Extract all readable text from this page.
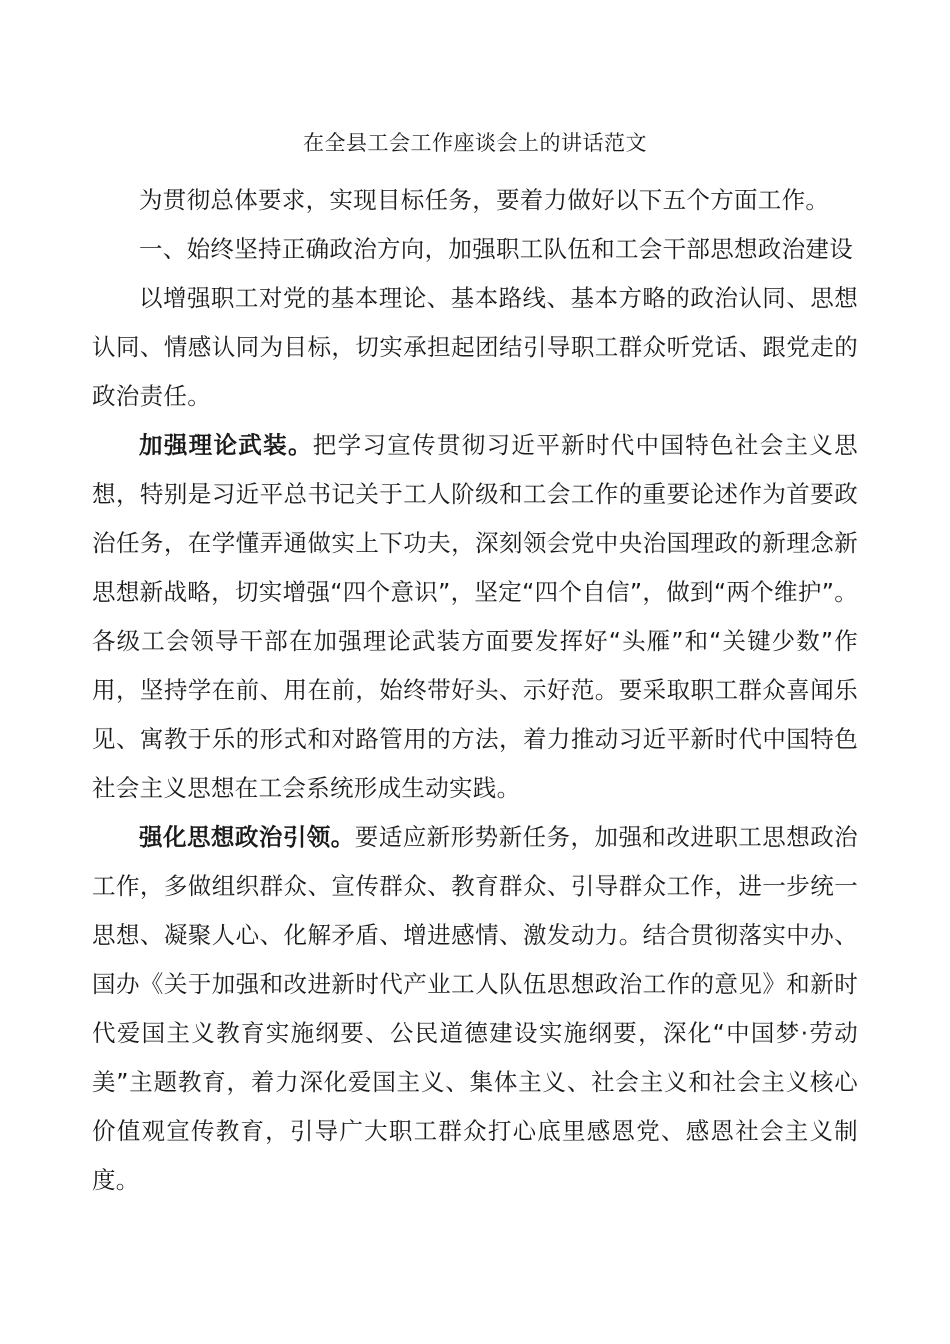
在全县工会工作座谈会上的讲话范文

为贯彻总体要求，实现目标任务，要着力做好以下五个方面工作。

一、始终坚持正确政治方向，加强职工队伍和工会干部思想政治建设

以增强职工对党的基本理论、基本路线、基本方略的政治认同、思想认同、情感认同为目标，切实承担起团结引导职工群众听党话、跟党走的政治责任。

加强理论武装。把学习宣传贯彻习近平新时代中国特色社会主义思想，特别是习近平总书记关于工人阶级和工会工作的重要论述作为首要政治任务，在学懂弄通做实上下功夫，深刻领会党中央治国理政的新理念新思想新战略，切实增强“四个意识”，坚定“四个自信”，做到“两个维护”。各级工会领导干部在加强理论武装方面要发挥好“头雁”和“关键少数”作用，坚持学在前、用在前，始终带好头、示好范。要采取职工群众喜闻乐见、寓教于乐的形式和对路管用的方法，着力推动习近平新时代中国特色社会主义思想在工会系统形成生动实践。

强化思想政治引领。要适应新形势新任务，加强和改进职工思想政治工作，多做组织群众、宣传群众、教育群众、引导群众工作，进一步统一思想、凝聚人心、化解矛盾、增进感情、激发动力。结合贯彻落实中办、国办《关于加强和改进新时代产业工人队伍思想政治工作的意见》和新时代爱国主义教育实施纲要、公民道德建设实施纲要，深化“中国梦·劳动美”主题教育，着力深化爱国主义、集体主义、社会主义和社会主义核心价值观宣传教育，引导广大职工群众打心底里感恩党、感恩社会主义制度。
